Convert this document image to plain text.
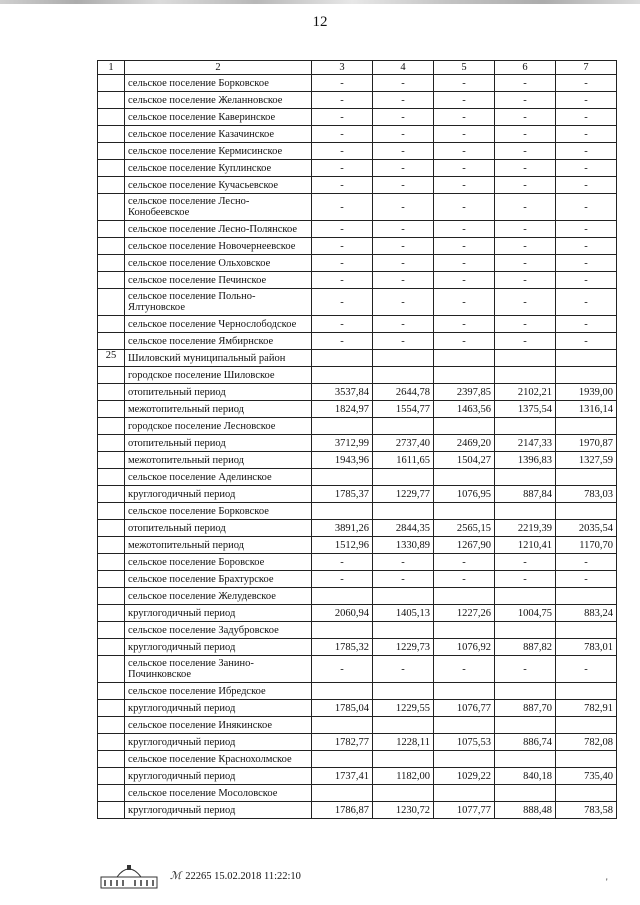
12
1	2	3	4	5	6	7
	сельское поселение Борковское	-	-	-	-	-
	сельское поселение Желанновское	-	-	-	-	-
	сельское поселение Каверинское	-	-	-	-	-
	сельское поселение Казачинское	-	-	-	-	-
	сельское поселение Кермисинское	-	-	-	-	-
	сельское поселение Куплинское	-	-	-	-	-
	сельское поселение Кучасьевское	-	-	-	-	-
	сельское поселение Лесно-Конобеевское	-	-	-	-	-
	сельское поселение Лесно-Полянское	-	-	-	-	-
	сельское поселение Новочернеевское	-	-	-	-	-
	сельское поселение Ольховское	-	-	-	-	-
	сельское поселение Печинское	-	-	-	-	-
	сельское поселение Польно-Ялтуновское	-	-	-	-	-
	сельское поселение Чернослободское	-	-	-	-	-
	сельское поселение Ямбирнское	-	-	-	-	-
25	Шиловский муниципальный район					
	городское поселение Шиловское					
	отопительный период	3537,84	2644,78	2397,85	2102,21	1939,00
	межотопительный период	1824,97	1554,77	1463,56	1375,54	1316,14
	городское поселение Лесновское					
	отопительный период	3712,99	2737,40	2469,20	2147,33	1970,87
	межотопительный период	1943,96	1611,65	1504,27	1396,83	1327,59
	сельское поселение Аделинское					
	круглогодичный период	1785,37	1229,77	1076,95	887,84	783,03
	сельское поселение Борковское					
	отопительный период	3891,26	2844,35	2565,15	2219,39	2035,54
	межотопительный период	1512,96	1330,89	1267,90	1210,41	1170,70
	сельское поселение Боровское	-	-	-	-	-
	сельское поселение Брахтурское	-	-	-	-	-
	сельское поселение Желудевское					
	круглогодичный период	2060,94	1405,13	1227,26	1004,75	883,24
	сельское поселение Задубровское					
	круглогодичный период	1785,32	1229,73	1076,92	887,82	783,01
	сельское поселение Занино-Починковское	-	-	-	-	-
	сельское поселение Ибредское					
	круглогодичный период	1785,04	1229,55	1076,77	887,70	782,91
	сельское поселение Инякинское					
	круглогодичный период	1782,77	1228,11	1075,53	886,74	782,08
	сельское поселение Краснохолмское					
	круглогодичный период	1737,41	1182,00	1029,22	840,18	735,40
	сельское поселение Мосоловское					
	круглогодичный период	1786,87	1230,72	1077,77	888,48	783,58
ℳ 22265 15.02.2018 11:22:10
'
